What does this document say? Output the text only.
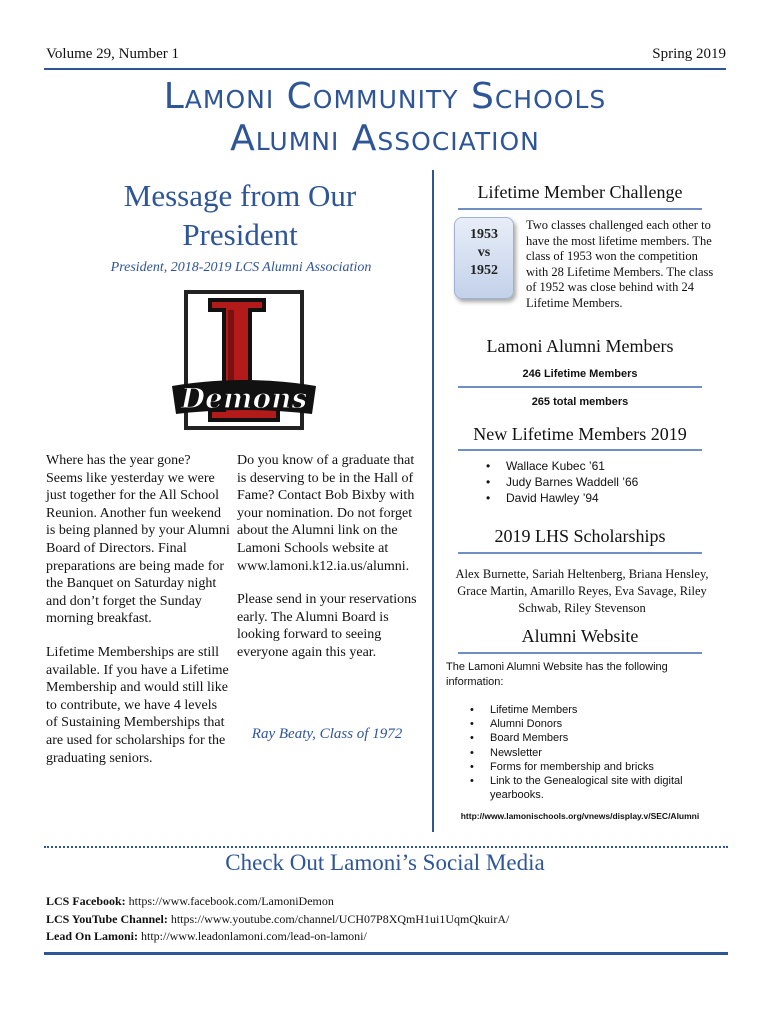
Volume 29, Number 1	Spring 2019
Lamoni Community Schools
Alumni Association
Message from Our
President
President, 2018-2019 LCS Alumni Association
Demons

Where has the year gone? Seems like yesterday we were just together for the All School Reunion. Another fun weekend is being planned by your Alumni Board of Directors. Final preparations are being made for the Banquet on Saturday night and don’t forget the Sunday morning breakfast.

Lifetime Memberships are still available. If you have a Lifetime Membership and would still like to contribute, we have 4 levels of Sustaining Memberships that are used for scholarships for the graduating seniors.

Do you know of a graduate that is deserving to be in the Hall of Fame? Contact Bob Bixby with your nomination. Do not forget about the Alumni link on the Lamoni Schools website at www.lamoni.k12.ia.us/alumni.

Please send in your reservations early. The Alumni Board is looking forward to seeing everyone again this year.

Ray Beaty, Class of 1972
Lifetime Member Challenge
1953
vs
1952
Two classes challenged each other to have the most lifetime members. The class of 1953 won the competition with 28 Lifetime Members. The class of 1952 was close behind with 24 Lifetime Members.
Lamoni Alumni Members
246 Lifetime Members
265 total members
New Lifetime Members 2019
• Wallace Kubec ’61
• Judy Barnes Waddell ’66
• David Hawley ’94
2019 LHS Scholarships
Alex Burnette, Sariah Heltenberg, Briana Hensley, Grace Martin, Amarillo Reyes, Eva Savage, Riley Schwab, Riley Stevenson
Alumni Website
The Lamoni Alumni Website has the following information:
• Lifetime Members
• Alumni Donors
• Board Members
• Newsletter
• Forms for membership and bricks
• Link to the Genealogical site with digital yearbooks.
http://www.lamonischools.org/vnews/display.v/SEC/Alumni
Check Out Lamoni’s Social Media
LCS Facebook: https://www.facebook.com/LamoniDemon
LCS YouTube Channel: https://www.youtube.com/channel/UCH07P8XQmH1ui1UqmQkuirA/
Lead On Lamoni: http://www.leadonlamoni.com/lead-on-lamoni/
